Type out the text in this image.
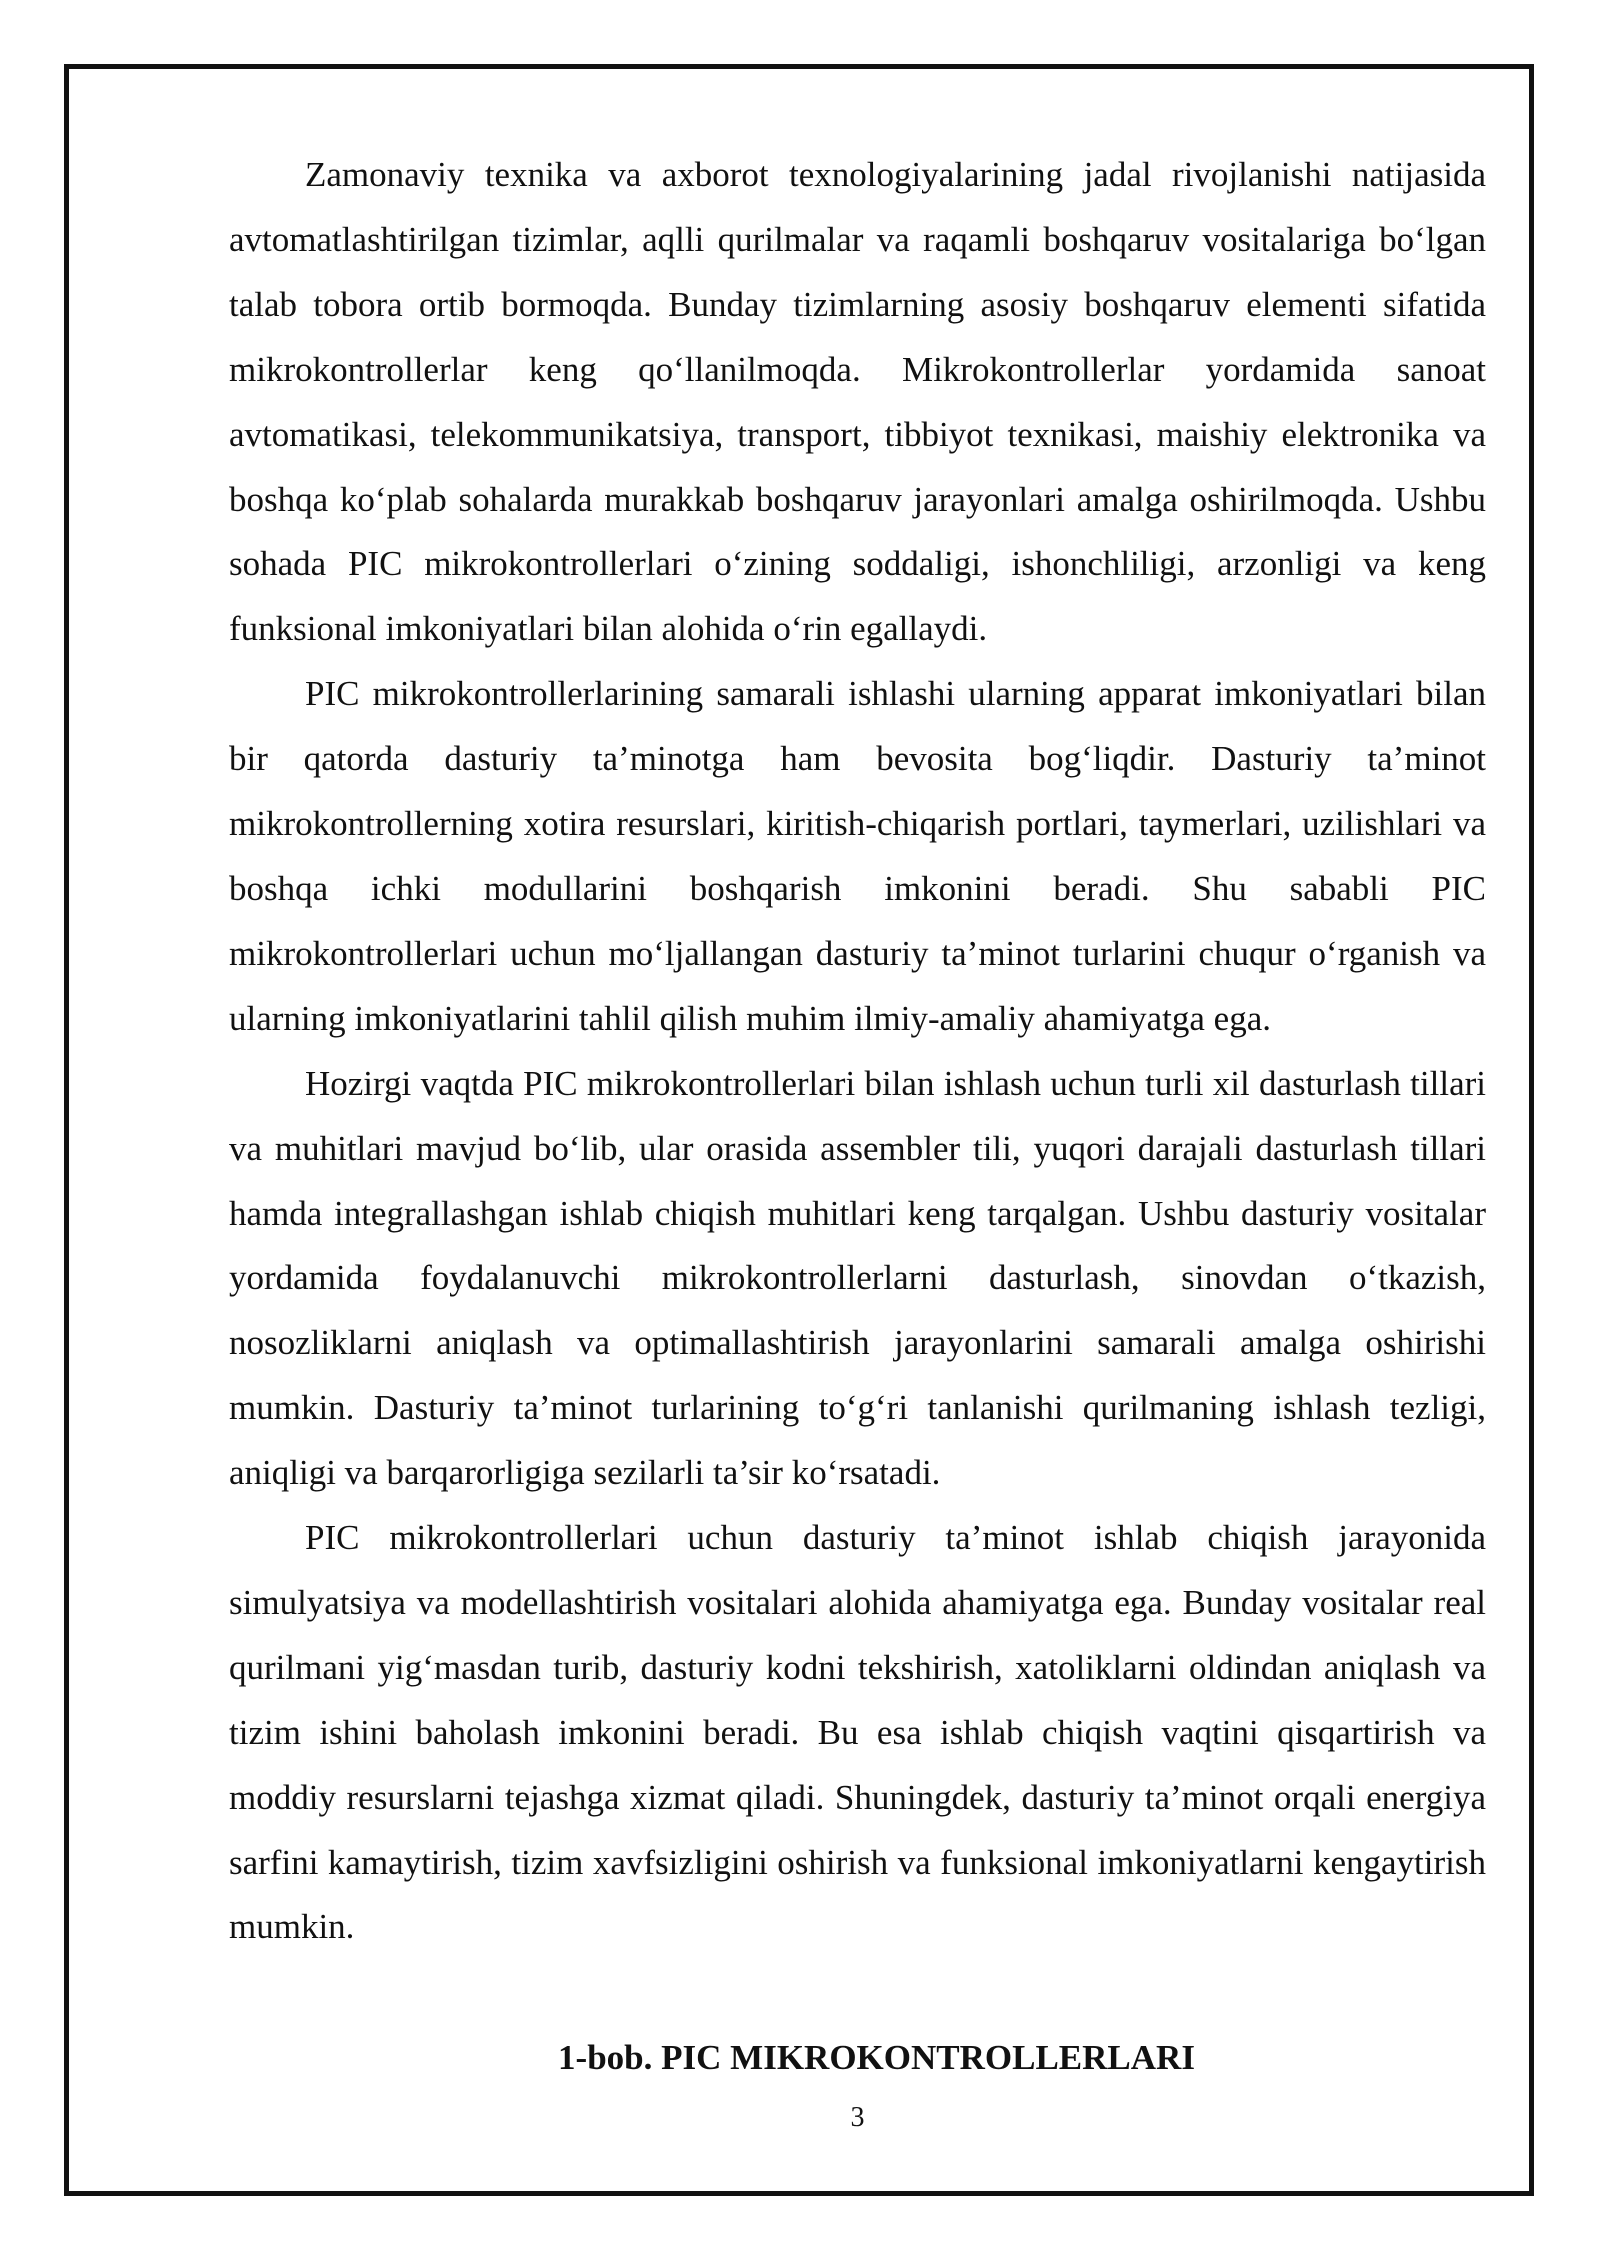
Zamonaviy texnika va axborot texnologiyalarining jadal rivojlanishi natijasida avtomatlashtirilgan tizimlar, aqlli qurilmalar va raqamli boshqaruv vositalariga bo‘lgan talab tobora ortib bormoqda. Bunday tizimlarning asosiy boshqaruv elementi sifatida mikrokontrollerlar keng qo‘llanilmoqda. Mikrokontrollerlar yordamida sanoat avtomatikasi, telekommunikatsiya, transport, tibbiyot texnikasi, maishiy elektronika va boshqa ko‘plab sohalarda murakkab boshqaruv jarayonlari amalga oshirilmoqda. Ushbu sohada PIC mikrokontrollerlari o‘zining soddaligi, ishonchliligi, arzonligi va keng funksional imkoniyatlari bilan alohida o‘rin egallaydi.

PIC mikrokontrollerlarining samarali ishlashi ularning apparat imkoniyatlari bilan bir qatorda dasturiy ta’minotga ham bevosita bog‘liqdir. Dasturiy ta’minot mikrokontrollerning xotira resurslari, kiritish-chiqarish portlari, taymerlari, uzilishlari va boshqa ichki modullarini boshqarish imkonini beradi. Shu sababli PIC mikrokontrollerlari uchun mo‘ljallangan dasturiy ta’minot turlarini chuqur o‘rganish va ularning imkoniyatlarini tahlil qilish muhim ilmiy-amaliy ahamiyatga ega.

Hozirgi vaqtda PIC mikrokontrollerlari bilan ishlash uchun turli xil dasturlash tillari va muhitlari mavjud bo‘lib, ular orasida assembler tili, yuqori darajali dasturlash tillari hamda integrallashgan ishlab chiqish muhitlari keng tarqalgan. Ushbu dasturiy vositalar yordamida foydalanuvchi mikrokontrollerlarni dasturlash, sinovdan o‘tkazish, nosozliklarni aniqlash va optimallashtirish jarayonlarini samarali amalga oshirishi mumkin. Dasturiy ta’minot turlarining to‘g‘ri tanlanishi qurilmaning ishlash tezligi, aniqligi va barqarorligiga sezilarli ta’sir ko‘rsatadi.

PIC mikrokontrollerlari uchun dasturiy ta’minot ishlab chiqish jarayonida simulyatsiya va modellashtirish vositalari alohida ahamiyatga ega. Bunday vositalar real qurilmani yig‘masdan turib, dasturiy kodni tekshirish, xatoliklarni oldindan aniqlash va tizim ishini baholash imkonini beradi. Bu esa ishlab chiqish vaqtini qisqartirish va moddiy resurslarni tejashga xizmat qiladi. Shuningdek, dasturiy ta’minot orqali energiya sarfini kamaytirish, tizim xavfsizligini oshirish va funksional imkoniyatlarni kengaytirish mumkin.

1-bob. PIC MIKROKONTROLLERLARI
3
